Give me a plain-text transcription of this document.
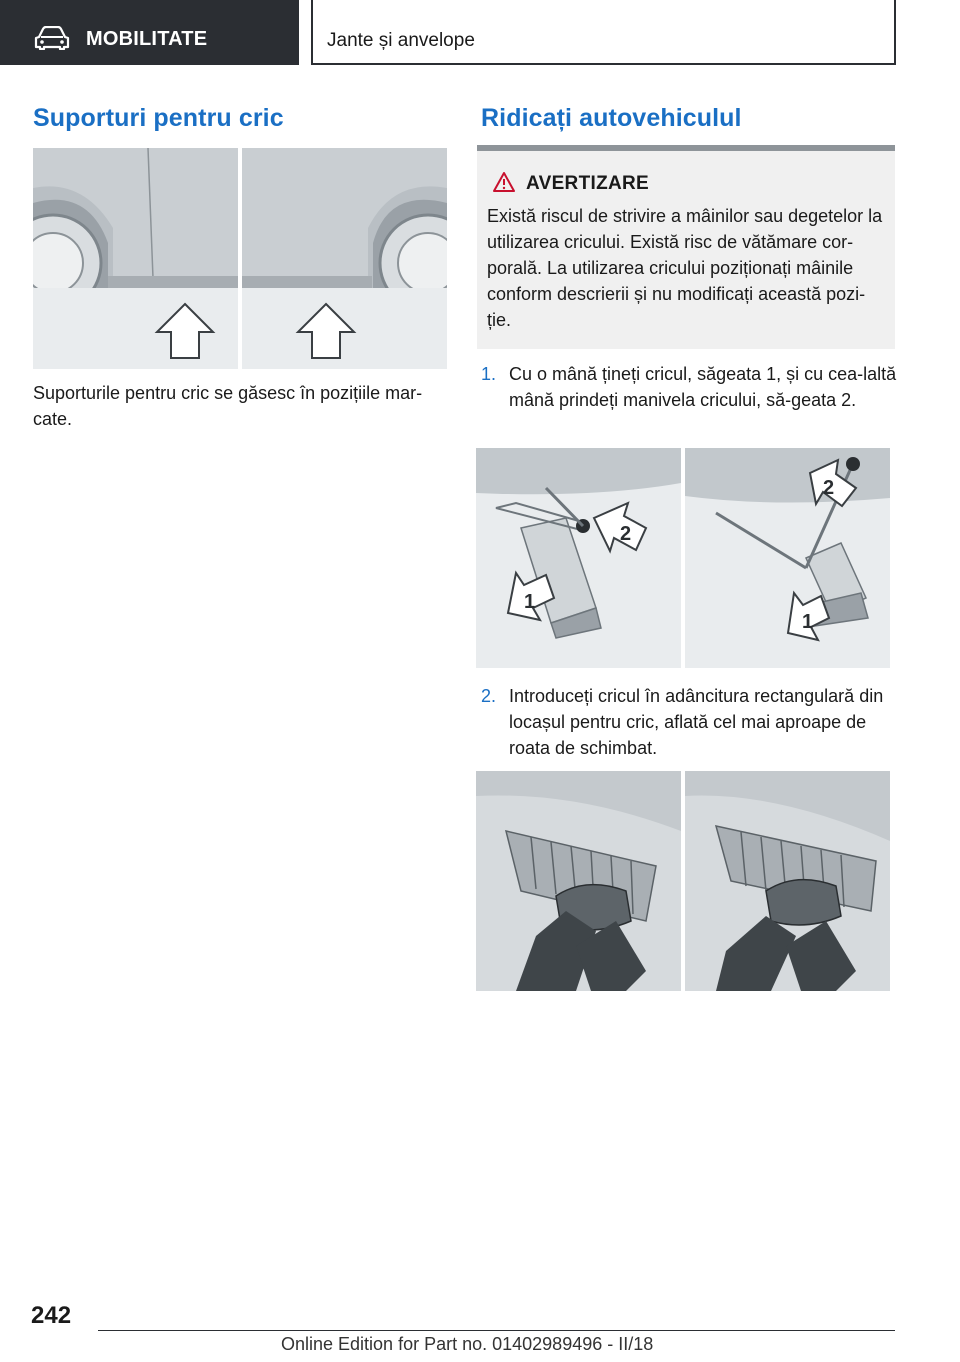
MOBILITATE	Jante și anvelope
Suporturi pentru cric
Suporturile pentru cric se găsesc în pozițiile mar‐cate.
Ridicați autovehiculul
AVERTIZARE
Există riscul de strivire a mâinilor sau degetelor la utilizarea cricului. Există risc de vătămare cor‐porală. La utilizarea cricului poziționați mâinile conform descrierii și nu modificați această pozi‐ție.
1. Cu o mână țineți cricul, săgeata 1, și cu cea‐laltă mână prindeți manivela cricului, să‐geata 2.
2
1
2
1
2. Introduceți cricul în adâncitura rectangulară din locașul pentru cric, aflată cel mai aproape de roata de schimbat.
242
Online Edition for Part no. 01402989496 - II/18
